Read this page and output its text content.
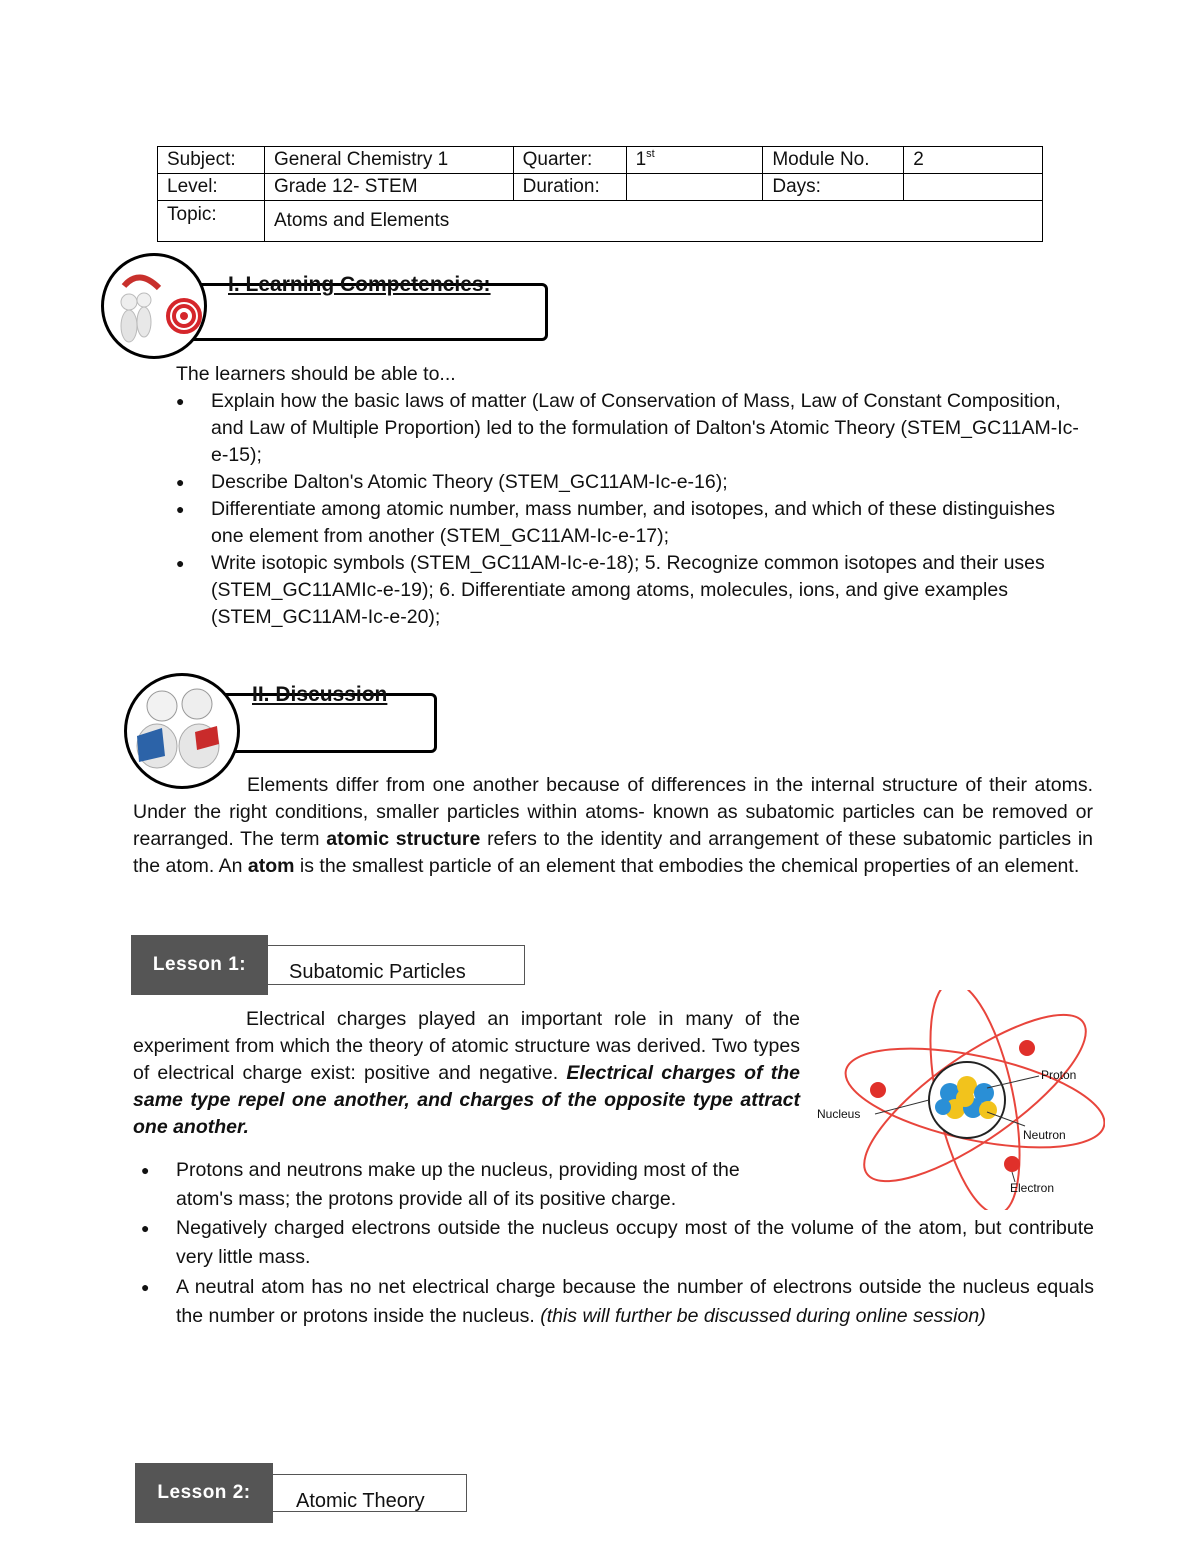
Subject:	General Chemistry 1	Quarter:	1st	Module No.	2
Level:	Grade 12- STEM	Duration:		Days:	
Topic:	Atoms and Elements				
I. Learning Competencies:
The learners should be able to...
● Explain how the basic laws of matter (Law of Conservation of Mass, Law of Constant Composition, and Law of Multiple Proportion) led to the formulation of Dalton's Atomic Theory (STEM_GC11AM-Ic-e-15);
● Describe Dalton's Atomic Theory (STEM_GC11AM-Ic-e-16);
● Differentiate among atomic number, mass number, and isotopes, and which of these distinguishes one element from another (STEM_GC11AM-Ic-e-17);
● Write isotopic symbols (STEM_GC11AM-Ic-e-18); 5. Recognize common isotopes and their uses (STEM_GC11AMIc-e-19); 6. Differentiate among atoms, molecules, ions, and give examples (STEM_GC11AM-Ic-e-20);
II. Discussion
Elements differ from one another because of differences in the internal structure of their atoms. Under the right conditions, smaller particles within atoms- known as subatomic particles can be removed or rearranged. The term atomic structure refers to the identity and arrangement of these subatomic particles in the atom. An atom is the smallest particle of an element that embodies the chemical properties of an element.
Subatomic Particles
Lesson 1:
Electrical charges played an important role in many of the experiment from which the theory of atomic structure was derived. Two types of electrical charge exist: positive and negative. Electrical charges of the same type repel one another, and charges of the opposite type attract one another.
Proton
Nucleus
Neutron
Electron
● Protons and neutrons make up the nucleus, providing most of the atom's mass; the protons provide all of its positive charge.
● Negatively charged electrons outside the nucleus occupy most of the volume of the atom, but contribute very little mass.
● A neutral atom has no net electrical charge because the number of electrons outside the nucleus equals the number or protons inside the nucleus. (this will further be discussed during online session)
Atomic Theory
Lesson 2:
